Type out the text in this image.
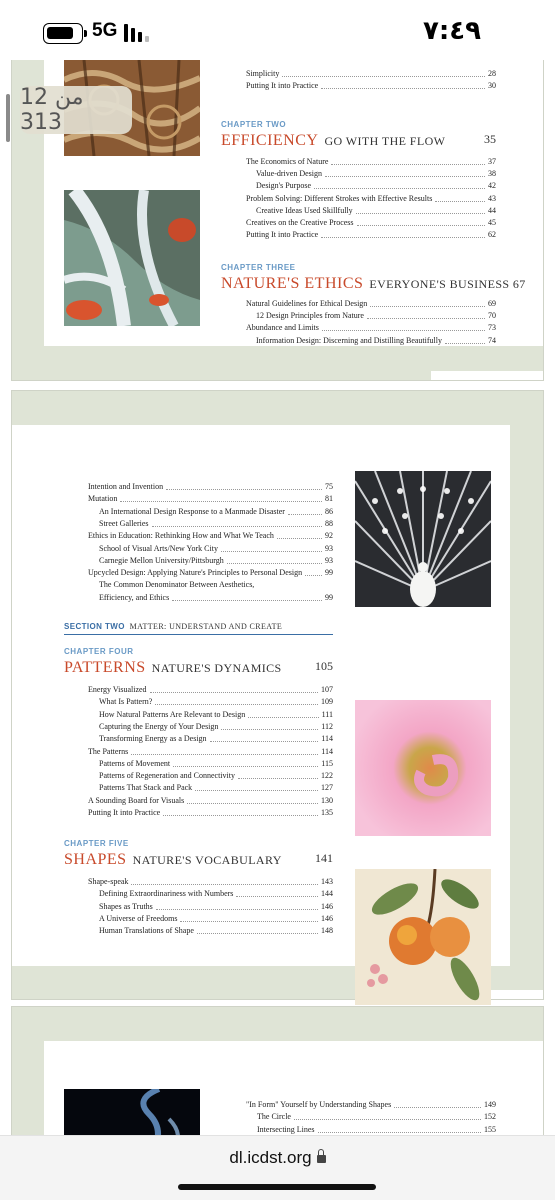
5G	٧:٤٩
12 من 313
Simplicity	28
Putting It into Practice	30
CHAPTER TWO
EFFICIENCY GO WITH THE FLOW	35
The Economics of Nature	37
Value-driven Design	38
Design's Purpose	42
Problem Solving: Different Strokes with Effective Results	43
Creative Ideas Used Skillfully	44
Creatives on the Creative Process	45
Putting It into Practice	62
CHAPTER THREE
NATURE'S ETHICS EVERYONE'S BUSINESS 67
Natural Guidelines for Ethical Design	69
12 Design Principles from Nature	70
Abundance and Limits	73
Information Design: Discerning and Distilling Beautifully	74
Intention and Invention	75
Mutation	81
An International Design Response to a Manmade Disaster	86
Street Galleries	88
Ethics in Education: Rethinking How and What We Teach	92
School of Visual Arts/New York City	93
Carnegie Mellon University/Pittsburgh	93
Upcycled Design: Applying Nature's Principles to Personal Design	99
The Common Denominator Between Aesthetics,
Efficiency, and Ethics	99
SECTION TWO MATTER: UNDERSTAND AND CREATE
CHAPTER FOUR
PATTERNS NATURE'S DYNAMICS	105
Energy Visualized	107
What Is Pattern?	109
How Natural Patterns Are Relevant to Design	111
Capturing the Energy of Your Design	112
Transforming Energy as a Design	114
The Patterns	114
Patterns of Movement	115
Patterns of Regeneration and Connectivity	122
Patterns That Stack and Pack	127
A Sounding Board for Visuals	130
Putting It into Practice	135
CHAPTER FIVE
SHAPES NATURE'S VOCABULARY	141
Shape-speak	143
Defining Extraordinariness with Numbers	144
Shapes as Truths	146
A Universe of Freedoms	146
Human Translations of Shape	148
"In Form" Yourself by Understanding Shapes	149
The Circle	152
Intersecting Lines	155
dl.icdst.org
